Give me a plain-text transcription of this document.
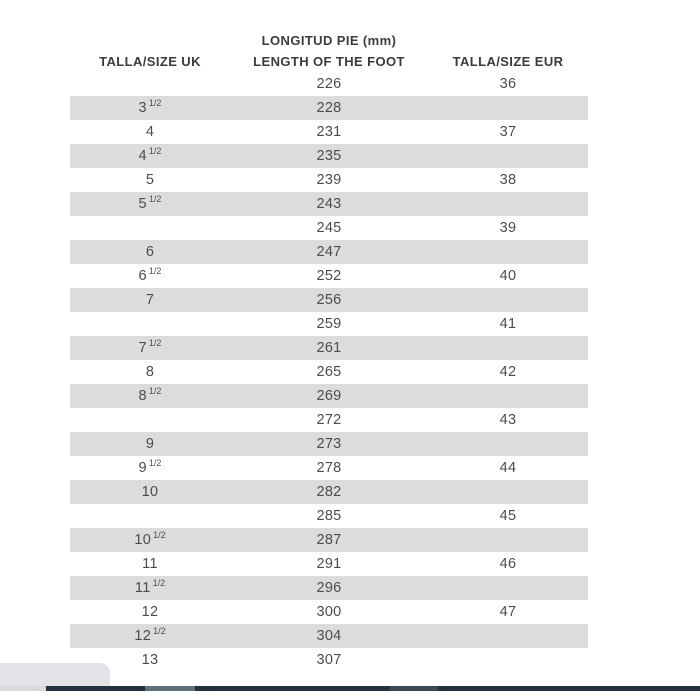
	LONGITUD PIE (mm)	
TALLA/SIZE UK	LENGTH OF THE FOOT	TALLA/SIZE EUR
	226	36
3 $^{1/2}$	228	
4	231	37
4 $^{1/2}$	235	
5	239	38
5 $^{1/2}$	243	
	245	39
6	247	
6 $^{1/2}$	252	40
7	256	
	259	41
7 $^{1/2}$	261	
8	265	42
8 $^{1/2}$	269	
	272	43
9	273	
9 $^{1/2}$	278	44
10	282	
	285	45
10 $^{1/2}$	287	
11	291	46
11 $^{1/2}$	296	
12	300	47
12 $^{1/2}$	304	
13	307	
